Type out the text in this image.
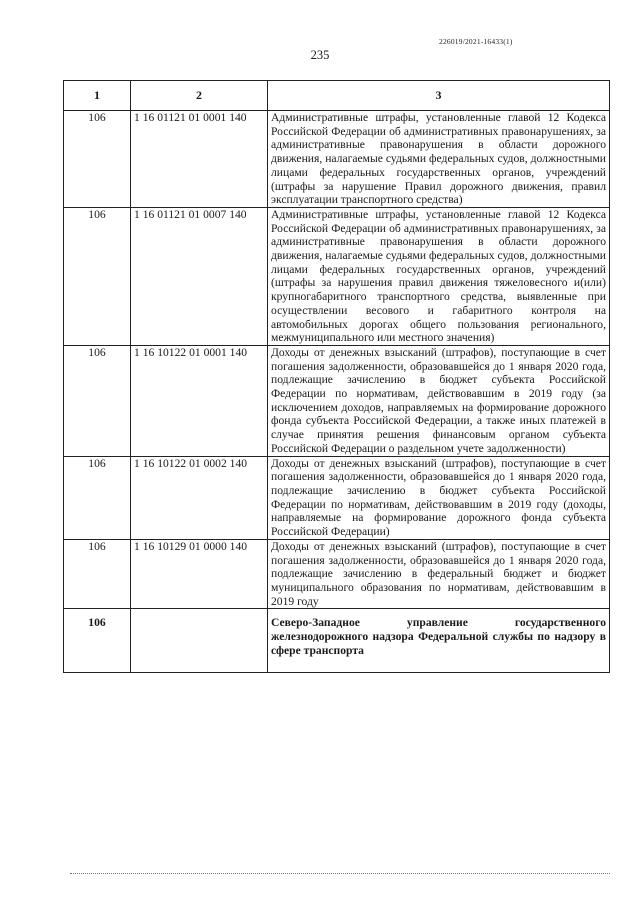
226019/2021-16433(1)
235
1	2	3
106	1 16 01121 01 0001 140	Административные штрафы, установленные главой 12 Кодекса Российской Федерации об административных правонарушениях, за административные правонарушения в области дорожного движения, налагаемые судьями федеральных судов, должностными лицами федеральных государственных органов, учреждений (штрафы за нарушение Правил дорожного движения, правил эксплуатации транспортного средства)
106	1 16 01121 01 0007 140	Административные штрафы, установленные главой 12 Кодекса Российской Федерации об административных правонарушениях, за административные правонарушения в области дорожного движения, налагаемые судьями федеральных судов, должностными лицами федеральных государственных органов, учреждений (штрафы за нарушения правил движения тяжеловесного и(или) крупногабаритного транспортного средства, выявленные при осуществлении весового и габаритного контроля на автомобильных дорогах общего пользования регионального, межмуниципального или местного значения)
106	1 16 10122 01 0001 140	Доходы от денежных взысканий (штрафов), поступающие в счет погашения задолженности, образовавшейся до 1 января 2020 года, подлежащие зачислению в бюджет субъекта Российской Федерации по нормативам, действовавшим в 2019 году (за исключением доходов, направляемых на формирование дорожного фонда субъекта Российской Федерации, а также иных платежей в случае принятия решения финансовым органом субъекта Российской Федерации о раздельном учете задолженности)
106	1 16 10122 01 0002 140	Доходы от денежных взысканий (штрафов), поступающие в счет погашения задолженности, образовавшейся до 1 января 2020 года, подлежащие зачислению в бюджет субъекта Российской Федерации по нормативам, действовавшим в 2019 году (доходы, направляемые на формирование дорожного фонда субъекта Российской Федерации)
106	1 16 10129 01 0000 140	Доходы от денежных взысканий (штрафов), поступающие в счет погашения задолженности, образовавшейся до 1 января 2020 года, подлежащие зачислению в федеральный бюджет и бюджет муниципального образования по нормативам, действовавшим в 2019 году
106		Северо-Западное управление государственного железнодорожного надзора Федеральной службы по надзору в сфере транспорта
